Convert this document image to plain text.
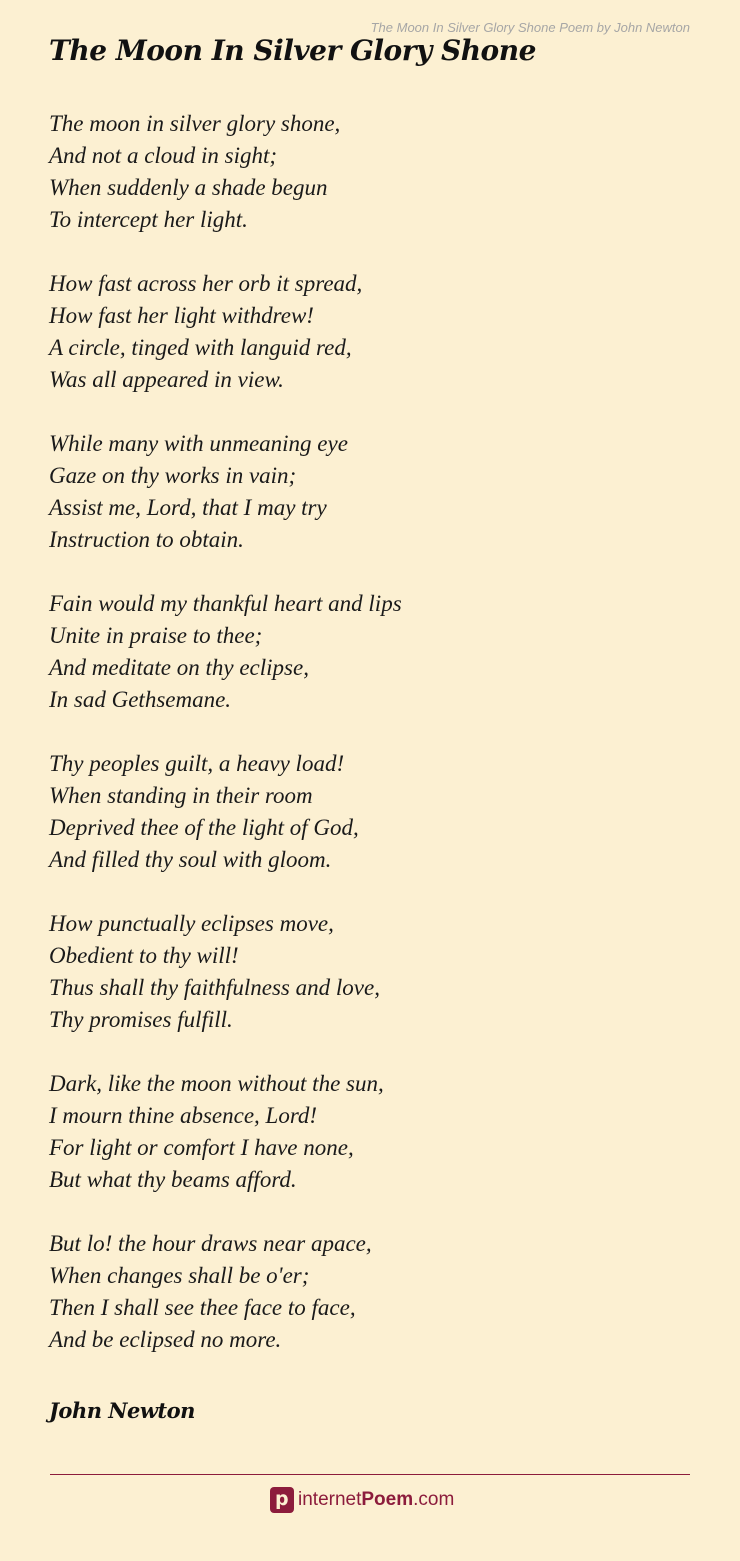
The Moon In Silver Glory Shone Poem by John Newton
The Moon In Silver Glory Shone
The moon in silver glory shone,
And not a cloud in sight;
When suddenly a shade begun
To intercept her light.
How fast across her orb it spread,
How fast her light withdrew!
A circle, tinged with languid red,
Was all appeared in view.
While many with unmeaning eye
Gaze on thy works in vain;
Assist me, Lord, that I may try
Instruction to obtain.
Fain would my thankful heart and lips
Unite in praise to thee;
And meditate on thy eclipse,
In sad Gethsemane.
Thy peoples guilt, a heavy load!
When standing in their room
Deprived thee of the light of God,
And filled thy soul with gloom.
How punctually eclipses move,
Obedient to thy will!
Thus shall thy faithfulness and love,
Thy promises fulfill.
Dark, like the moon without the sun,
I mourn thine absence, Lord!
For light or comfort I have none,
But what thy beams afford.
But lo! the hour draws near apace,
When changes shall be o'er;
Then I shall see thee face to face,
And be eclipsed no more.
John Newton
p internetPoem.com
